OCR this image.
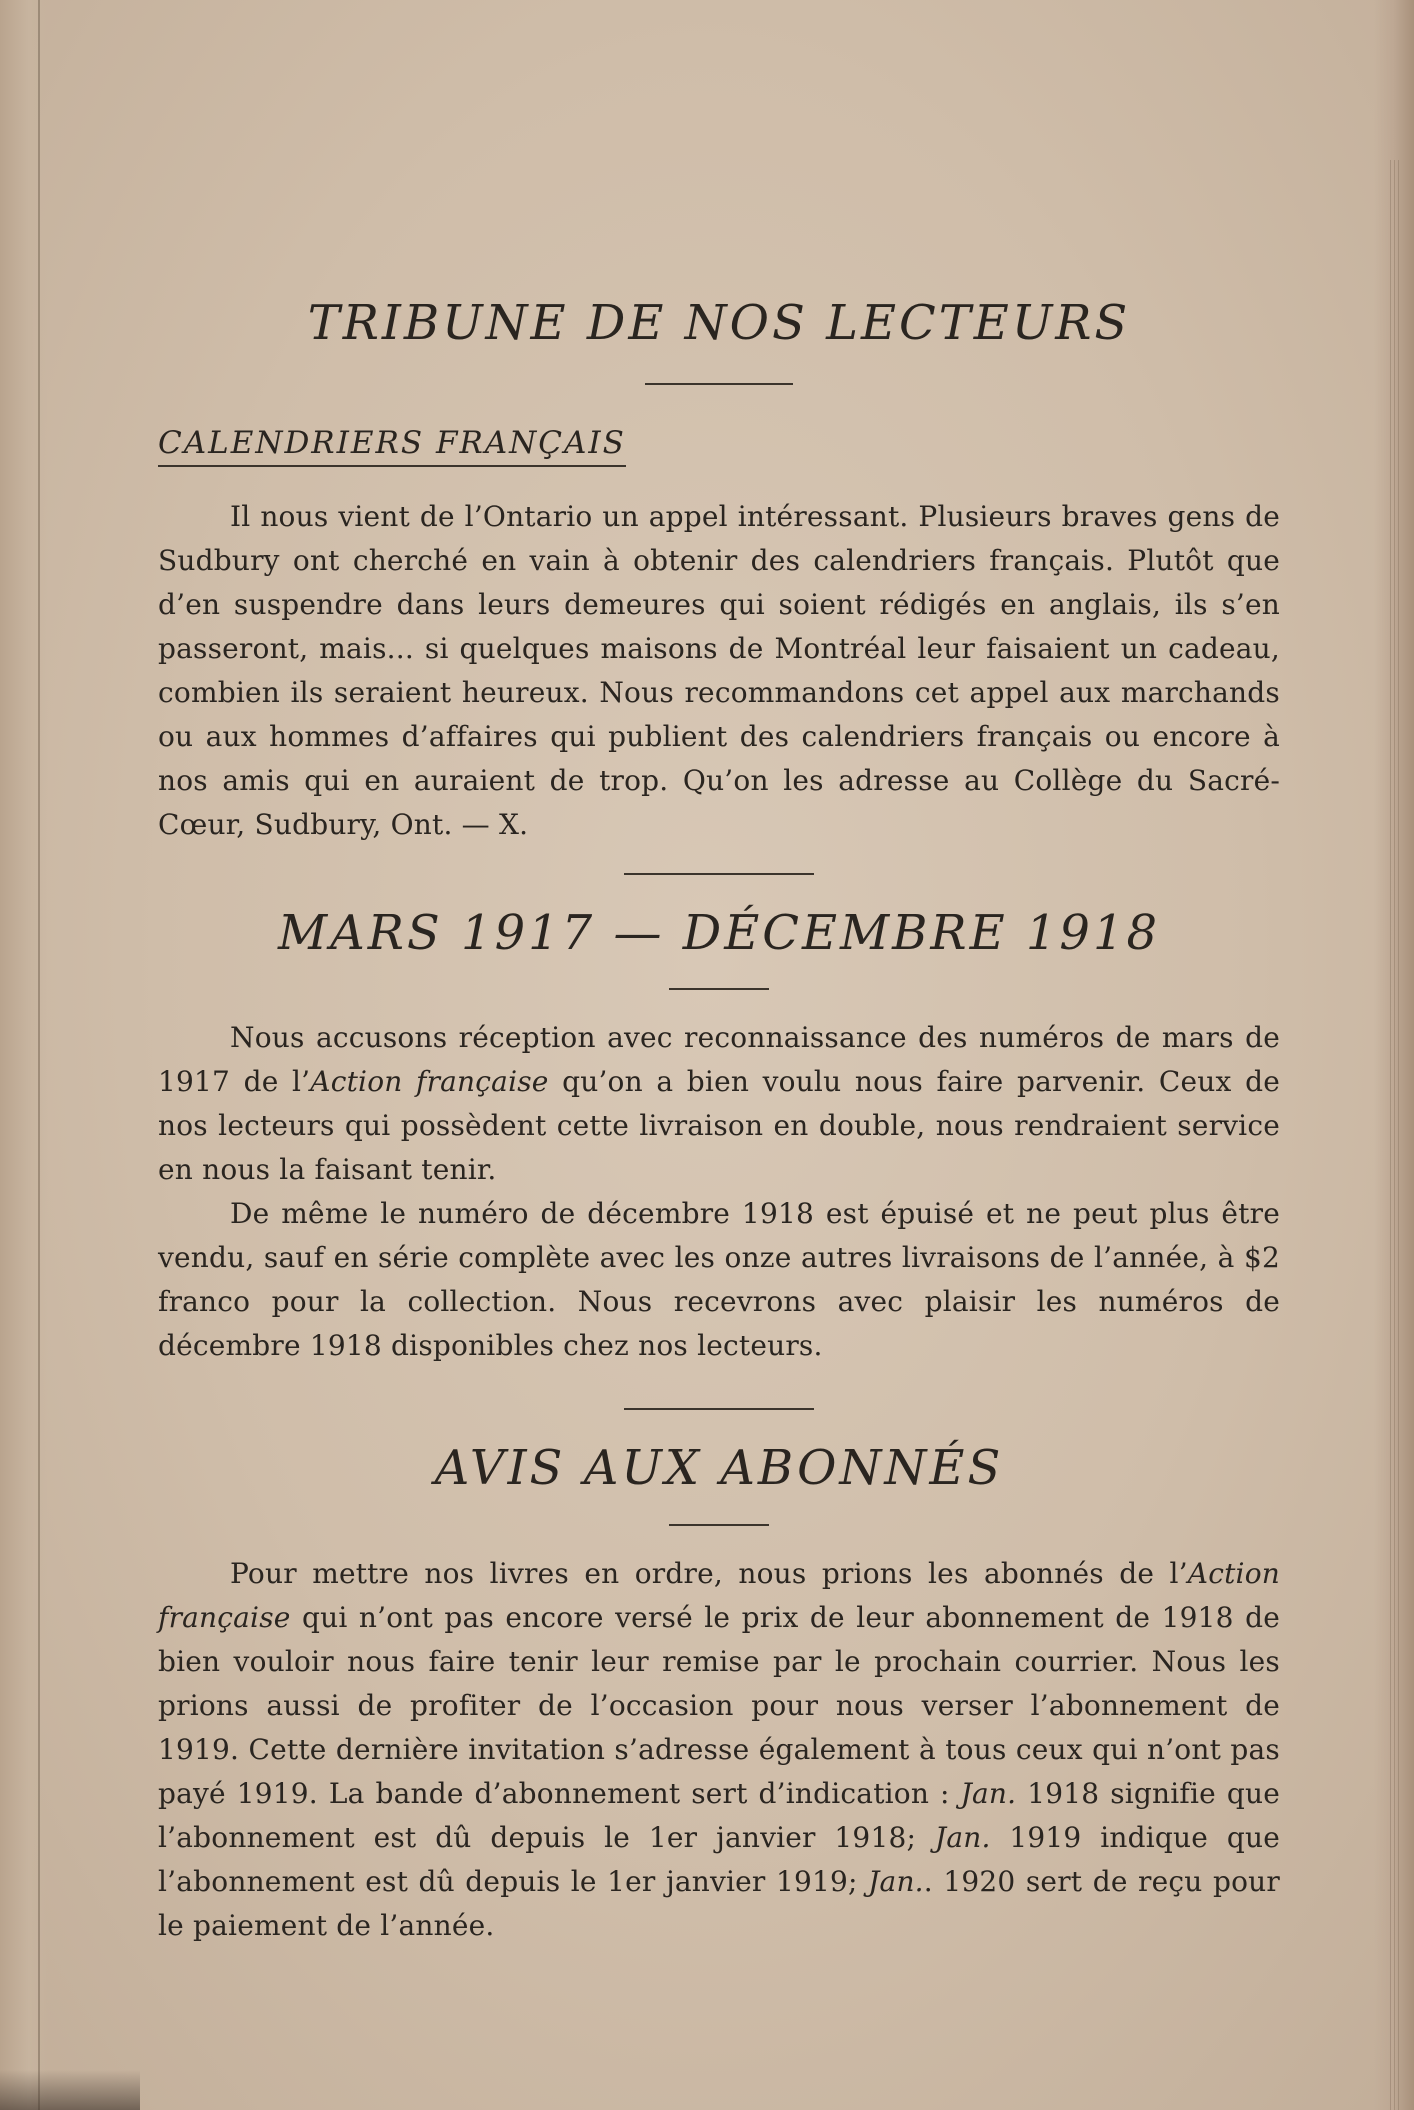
TRIBUNE DE NOS LECTEURS
CALENDRIERS FRANÇAIS

Il nous vient de l’Ontario un appel intéressant. Plusieurs braves gens de Sudbury ont cherché en vain à obtenir des calendriers français. Plutôt que d’en suspendre dans leurs demeures qui soient rédigés en anglais, ils s’en passeront, mais... si quelques maisons de Montréal leur faisaient un cadeau, combien ils seraient heureux. Nous recommandons cet appel aux marchands ou aux hommes d’affaires qui publient des calendriers français ou encore à nos amis qui en auraient de trop. Qu’on les adresse au Collège du Sacré-Cœur, Sudbury, Ont. — X.

MARS 1917 — DÉCEMBRE 1918

Nous accusons réception avec reconnaissance des numéros de mars de 1917 de l’Action française qu’on a bien voulu nous faire parvenir. Ceux de nos lecteurs qui possèdent cette livraison en double, nous rendraient service en nous la faisant tenir.

De même le numéro de décembre 1918 est épuisé et ne peut plus être vendu, sauf en série complète avec les onze autres livraisons de l’année, à $2 franco pour la collection. Nous recevrons avec plaisir les numéros de décembre 1918 disponibles chez nos lecteurs.

AVIS AUX ABONNÉS

Pour mettre nos livres en ordre, nous prions les abonnés de l’Action française qui n’ont pas encore versé le prix de leur abonnement de 1918 de bien vouloir nous faire tenir leur remise par le prochain courrier. Nous les prions aussi de profiter de l’occasion pour nous verser l’abonnement de 1919. Cette dernière invitation s’adresse également à tous ceux qui n’ont pas payé 1919. La bande d’abonnement sert d’indication : Jan. 1918 signifie que l’abonnement est dû depuis le 1er janvier 1918; Jan. 1919 indique que l’abonnement est dû depuis le 1er janvier 1919; Jan.. 1920 sert de reçu pour le paiement de l’année.
